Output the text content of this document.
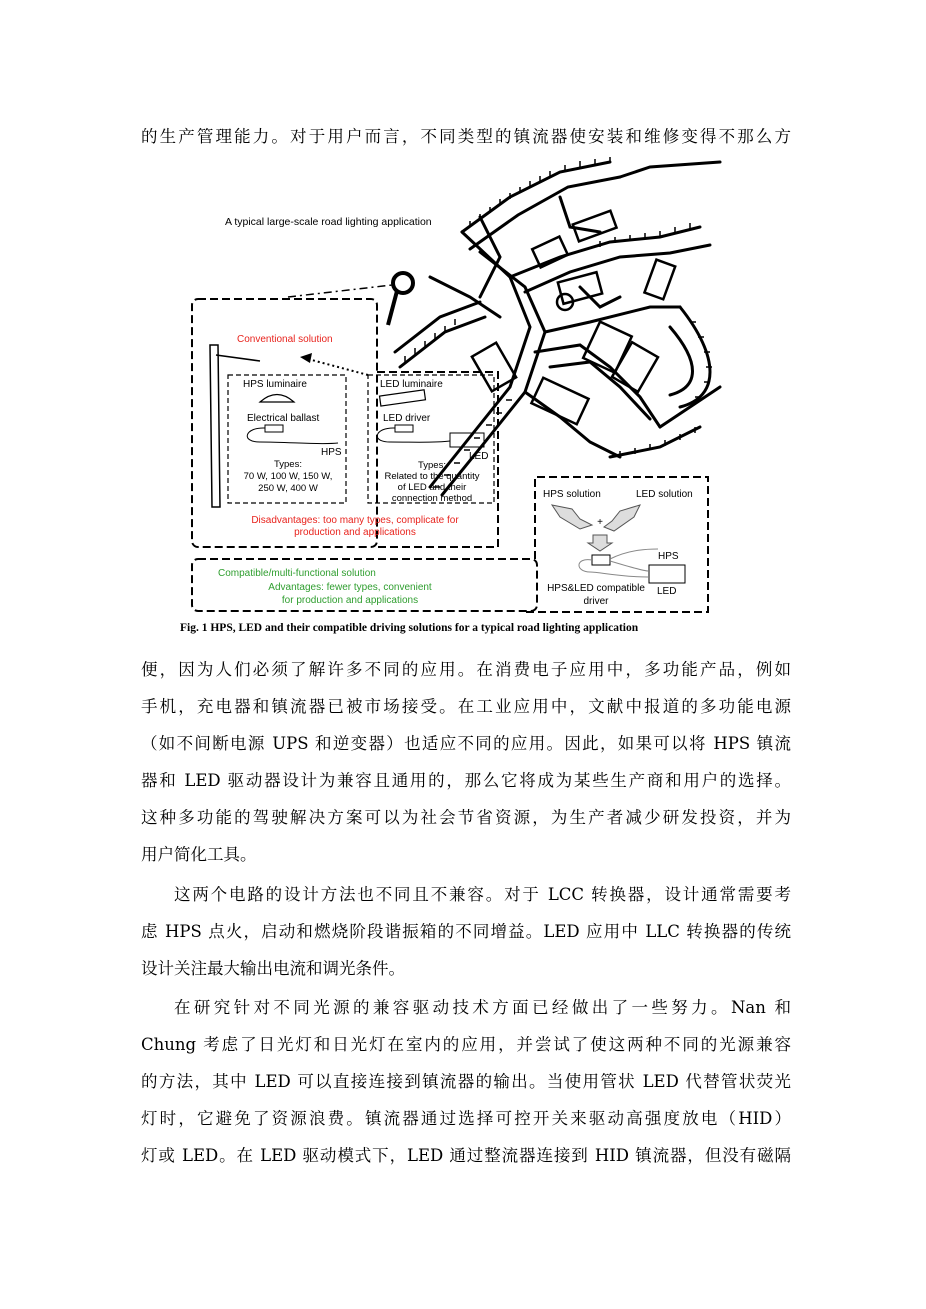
的生产管理能力。对于用户而言，不同类型的镇流器使安装和维修变得不那么方
A typical large-scale road lighting application
Conventional solution
HPS luminaire
Electrical ballast
HPS
Types:
70 W, 100 W, 150 W,
250 W, 400 W
LED luminaire
LED driver
LED
Types:
Related to the quantity
of LED and their
connection method
Disadvantages: too many types, complicate for
production and applications
Compatible/multi-functional solution
Advantages: fewer types, convenient
for production and applications
HPS solution	LED solution
+
HPS
LED
HPS&LED compatible
driver
Fig. 1 HPS, LED and their compatible driving solutions for a typical road lighting application
便，因为人们必须了解许多不同的应用。在消费电子应用中，多功能产品，例如
手机，充电器和镇流器已被市场接受。在工业应用中，文献中报道的多功能电源
（如不间断电源 UPS 和逆变器）也适应不同的应用。因此，如果可以将 HPS 镇流
器和 LED 驱动器设计为兼容且通用的，那么它将成为某些生产商和用户的选择。
这种多功能的驾驶解决方案可以为社会节省资源，为生产者减少研发投资，并为
用户简化工具。
这两个电路的设计方法也不同且不兼容。对于 LCC 转换器，设计通常需要考
虑 HPS 点火，启动和燃烧阶段谐振箱的不同增益。LED 应用中 LLC 转换器的传统
设计关注最大输出电流和调光条件。
在研究针对不同光源的兼容驱动技术方面已经做出了一些努力。Nan 和
Chung 考虑了日光灯和日光灯在室内的应用，并尝试了使这两种不同的光源兼容
的方法，其中 LED 可以直接连接到镇流器的输出。当使用管状 LED 代替管状荧光
灯时，它避免了资源浪费。镇流器通过选择可控开关来驱动高强度放电（HID）
灯或 LED。在 LED 驱动模式下，LED 通过整流器连接到 HID 镇流器，但没有磁隔
